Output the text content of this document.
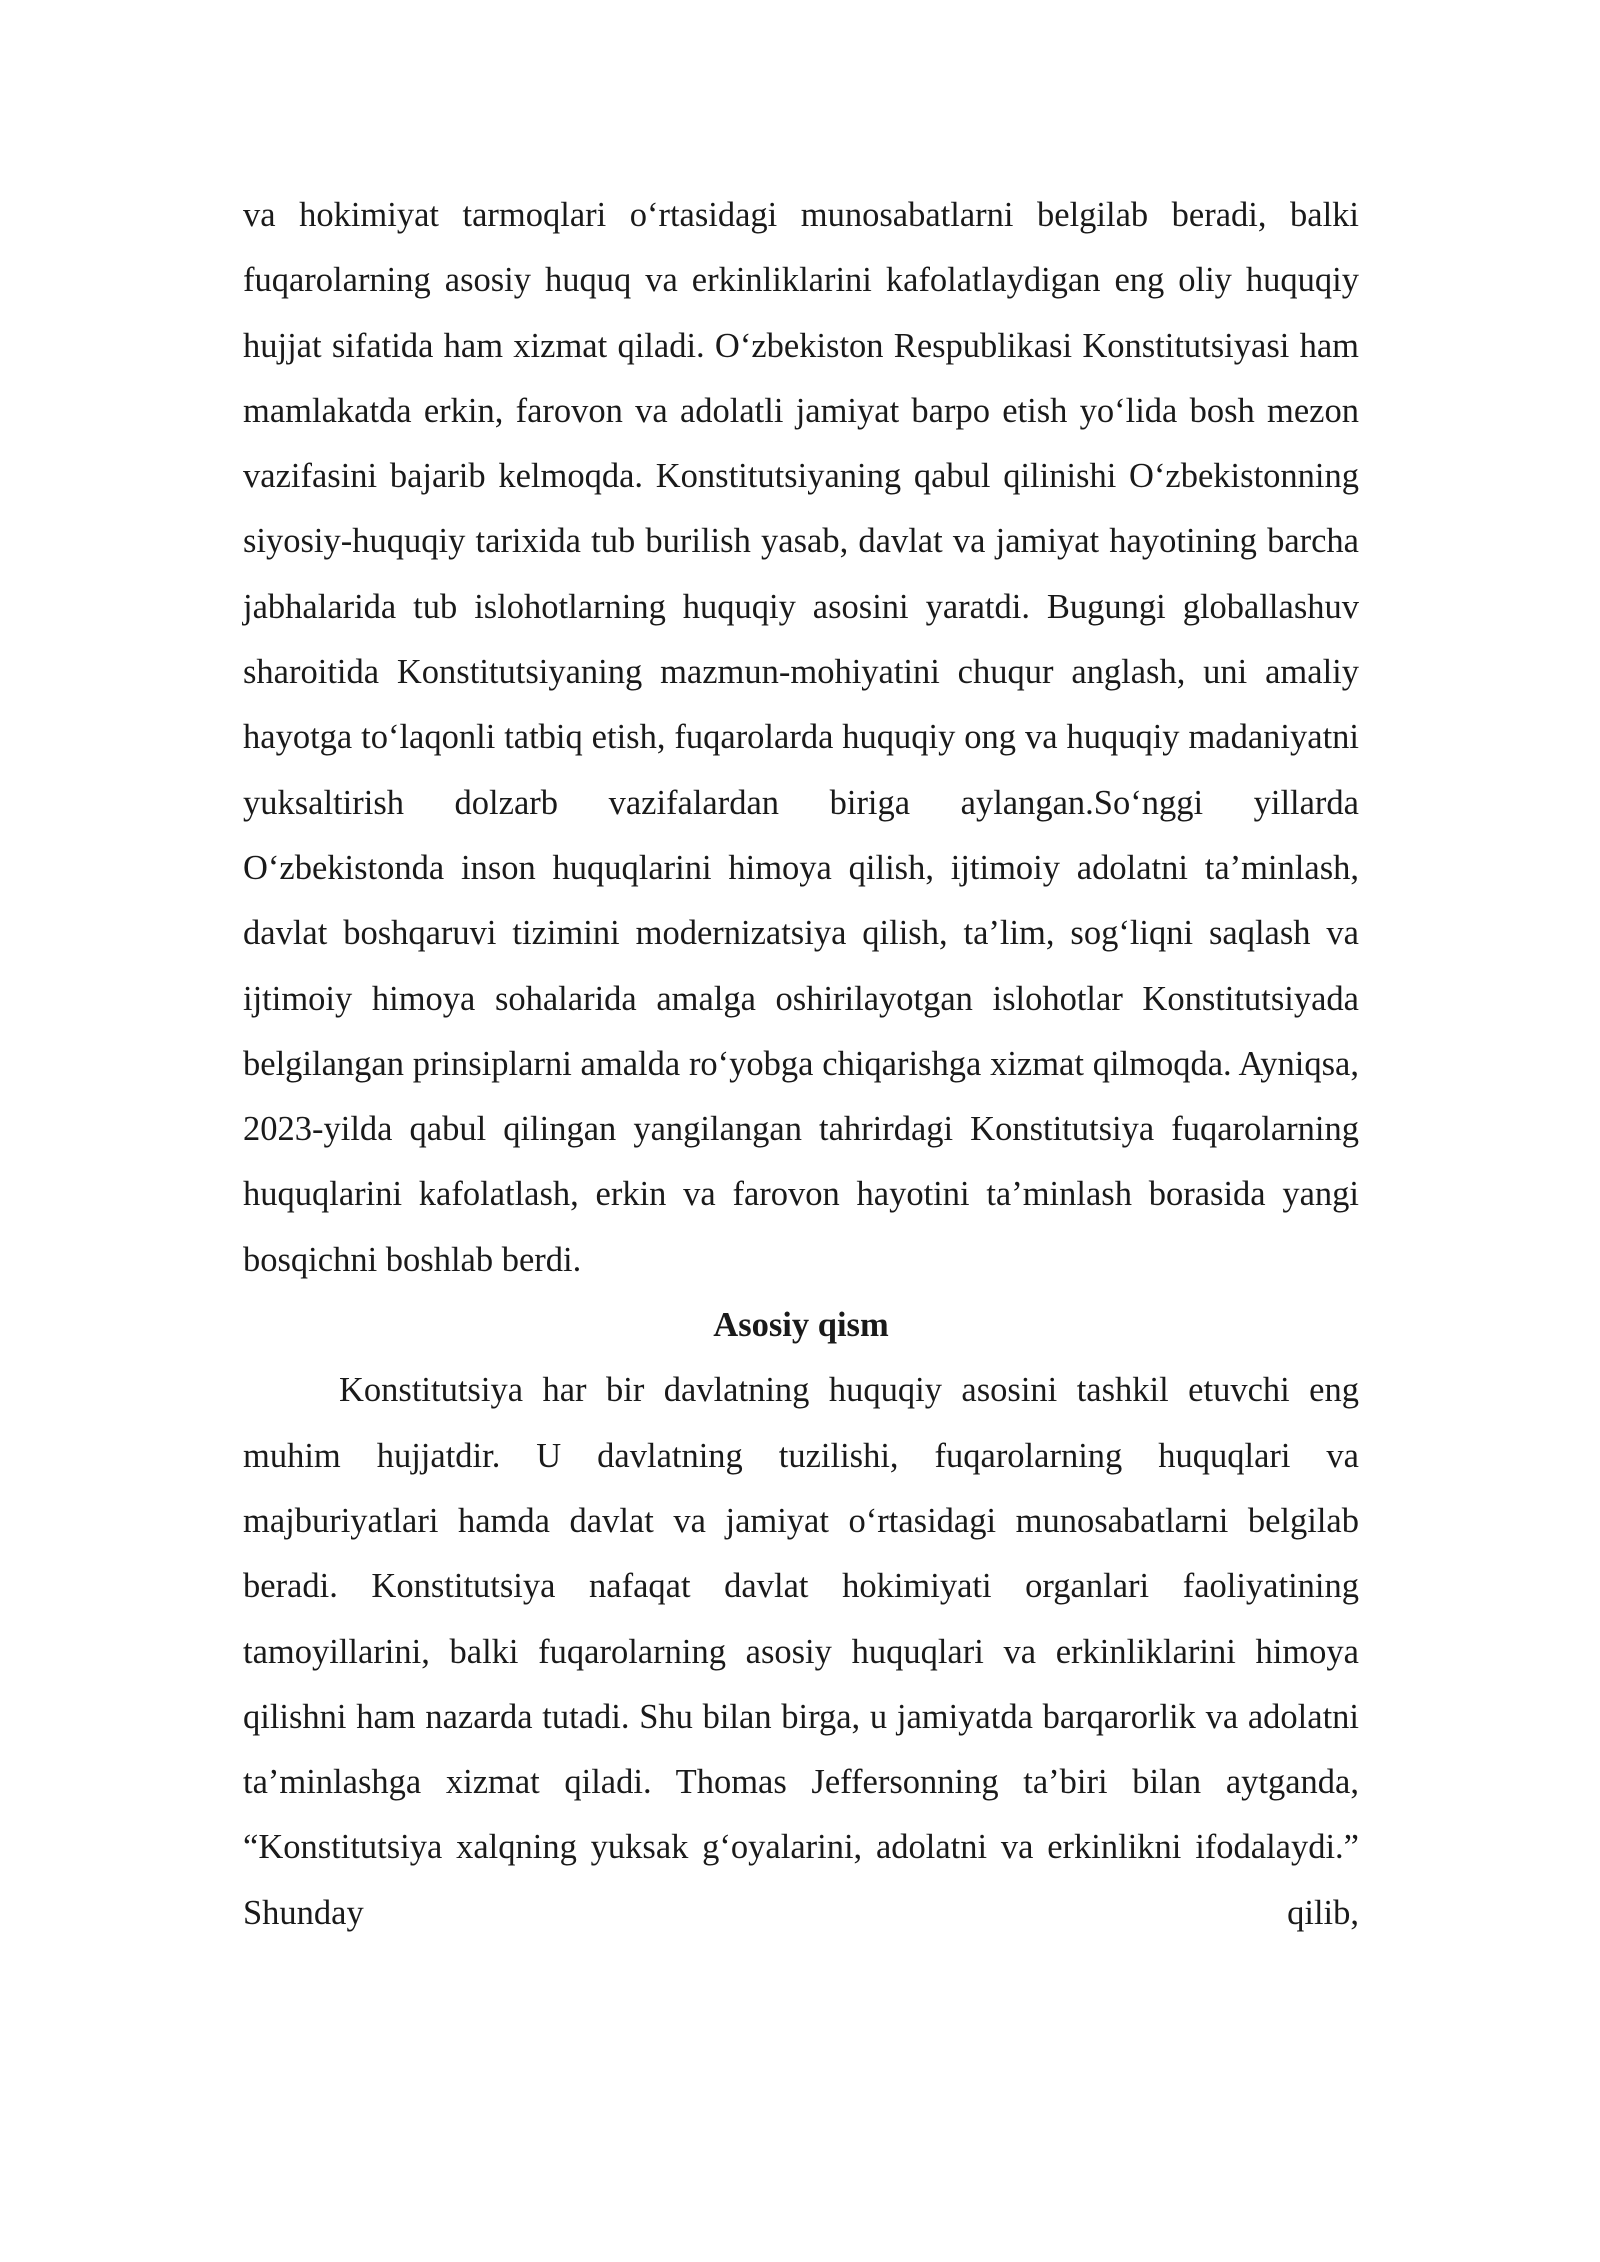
va hokimiyat tarmoqlari o‘rtasidagi munosabatlarni belgilab beradi, balki fuqarolarning asosiy huquq va erkinliklarini kafolatlaydigan eng oliy huquqiy hujjat sifatida ham xizmat qiladi. O‘zbekiston Respublikasi Konstitutsiyasi ham mamlakatda erkin, farovon va adolatli jamiyat barpo etish yo‘lida bosh mezon vazifasini bajarib kelmoqda. Konstitutsiyaning qabul qilinishi O‘zbekistonning siyosiy-huquqiy tarixida tub burilish yasab, davlat va jamiyat hayotining barcha jabhalarida tub islohotlarning huquqiy asosini yaratdi. Bugungi globallashuv sharoitida Konstitutsiyaning mazmun-mohiyatini chuqur anglash, uni amaliy hayotga to‘laqonli tatbiq etish, fuqarolarda huquqiy ong va huquqiy madaniyatni yuksaltirish dolzarb vazifalardan biriga aylangan.So‘nggi yillarda O‘zbekistonda inson huquqlarini himoya qilish, ijtimoiy adolatni ta’minlash, davlat boshqaruvi tizimini modernizatsiya qilish, ta’lim, sog‘liqni saqlash va ijtimoiy himoya sohalarida amalga oshirilayotgan islohotlar Konstitutsiyada belgilangan prinsiplarni amalda ro‘yobga chiqarishga xizmat qilmoqda. Ayniqsa, 2023-yilda qabul qilingan yangilangan tahrirdagi Konstitutsiya fuqarolarning huquqlarini kafolatlash, erkin va farovon hayotini ta’minlash borasida yangi bosqichni boshlab berdi.

Asosiy qism

Konstitutsiya har bir davlatning huquqiy asosini tashkil etuvchi eng muhim hujjatdir. U davlatning tuzilishi, fuqarolarning huquqlari va majburiyatlari hamda davlat va jamiyat o‘rtasidagi munosabatlarni belgilab beradi. Konstitutsiya nafaqat davlat hokimiyati organlari faoliyatining tamoyillarini, balki fuqarolarning asosiy huquqlari va erkinliklarini himoya qilishni ham nazarda tutadi. Shu bilan birga, u jamiyatda barqarorlik va adolatni ta’minlashga xizmat qiladi. Thomas Jeffersonning ta’biri bilan aytganda, “Konstitutsiya xalqning yuksak g‘oyalarini, adolatni va erkinlikni ifodalaydi.” Shunday qilib,
